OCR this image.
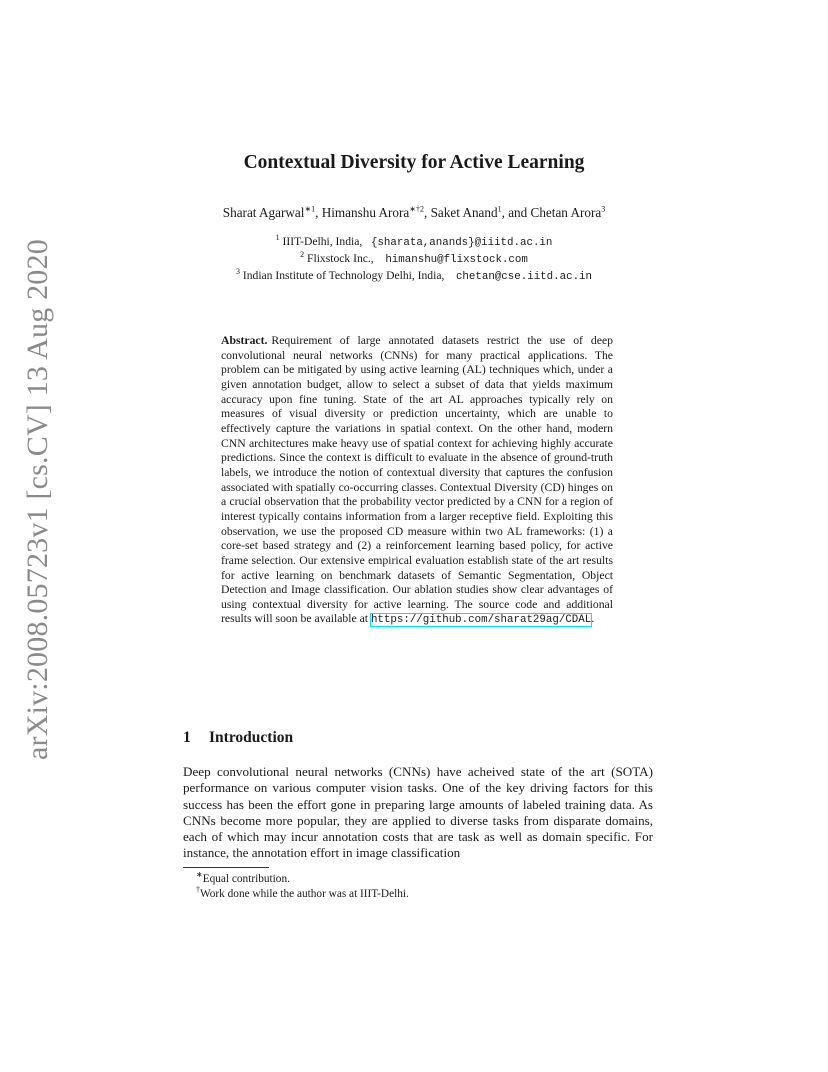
arXiv:2008.05723v1 [cs.CV] 13 Aug 2020
Contextual Diversity for Active Learning
Sharat Agarwal$^{∗1}$, Himanshu Arora$^{∗\dagger 2}$, Saket Anand$^1$, and Chetan Arora$^3$
$^1$ IIIT-Delhi, India, {sharata,anands}@iiitd.ac.in
$^2$ Flixstock Inc., himanshu@flixstock.com
$^3$ Indian Institute of Technology Delhi, India, chetan@cse.iitd.ac.in
Abstract. Requirement of large annotated datasets restrict the use of deep convolutional neural networks (CNNs) for many practical applications. The problem can be mitigated by using active learning (AL) techniques which, under a given annotation budget, allow to select a subset of data that yields maximum accuracy upon fine tuning. State of the art AL approaches typically rely on measures of visual diversity or prediction uncertainty, which are unable to effectively capture the variations in spatial context. On the other hand, modern CNN architectures make heavy use of spatial context for achieving highly accurate predictions. Since the context is difficult to evaluate in the absence of ground-truth labels, we introduce the notion of contextual diversity that captures the confusion associated with spatially co-occurring classes. Contextual Diversity (CD) hinges on a crucial observation that the probability vector predicted by a CNN for a region of interest typically contains information from a larger receptive field. Exploiting this observation, we use the proposed CD measure within two AL frameworks: (1) a core-set based strategy and (2) a reinforcement learning based policy, for active frame selection. Our extensive empirical evaluation establish state of the art results for active learning on benchmark datasets of Semantic Segmentation, Object Detection and Image classification. Our ablation studies show clear advantages of using contextual diversity for active learning. The source code and additional results will soon be available at https://github.com/sharat29ag/CDAL.
1 Introduction
Deep convolutional neural networks (CNNs) have acheived state of the art (SOTA) performance on various computer vision tasks. One of the key driving factors for this success has been the effort gone in preparing large amounts of labeled training data. As CNNs become more popular, they are applied to diverse tasks from disparate domains, each of which may incur annotation costs that are task as well as domain specific. For instance, the annotation effort in image classification
∗Equal contribution.
†Work done while the author was at IIIT-Delhi.
